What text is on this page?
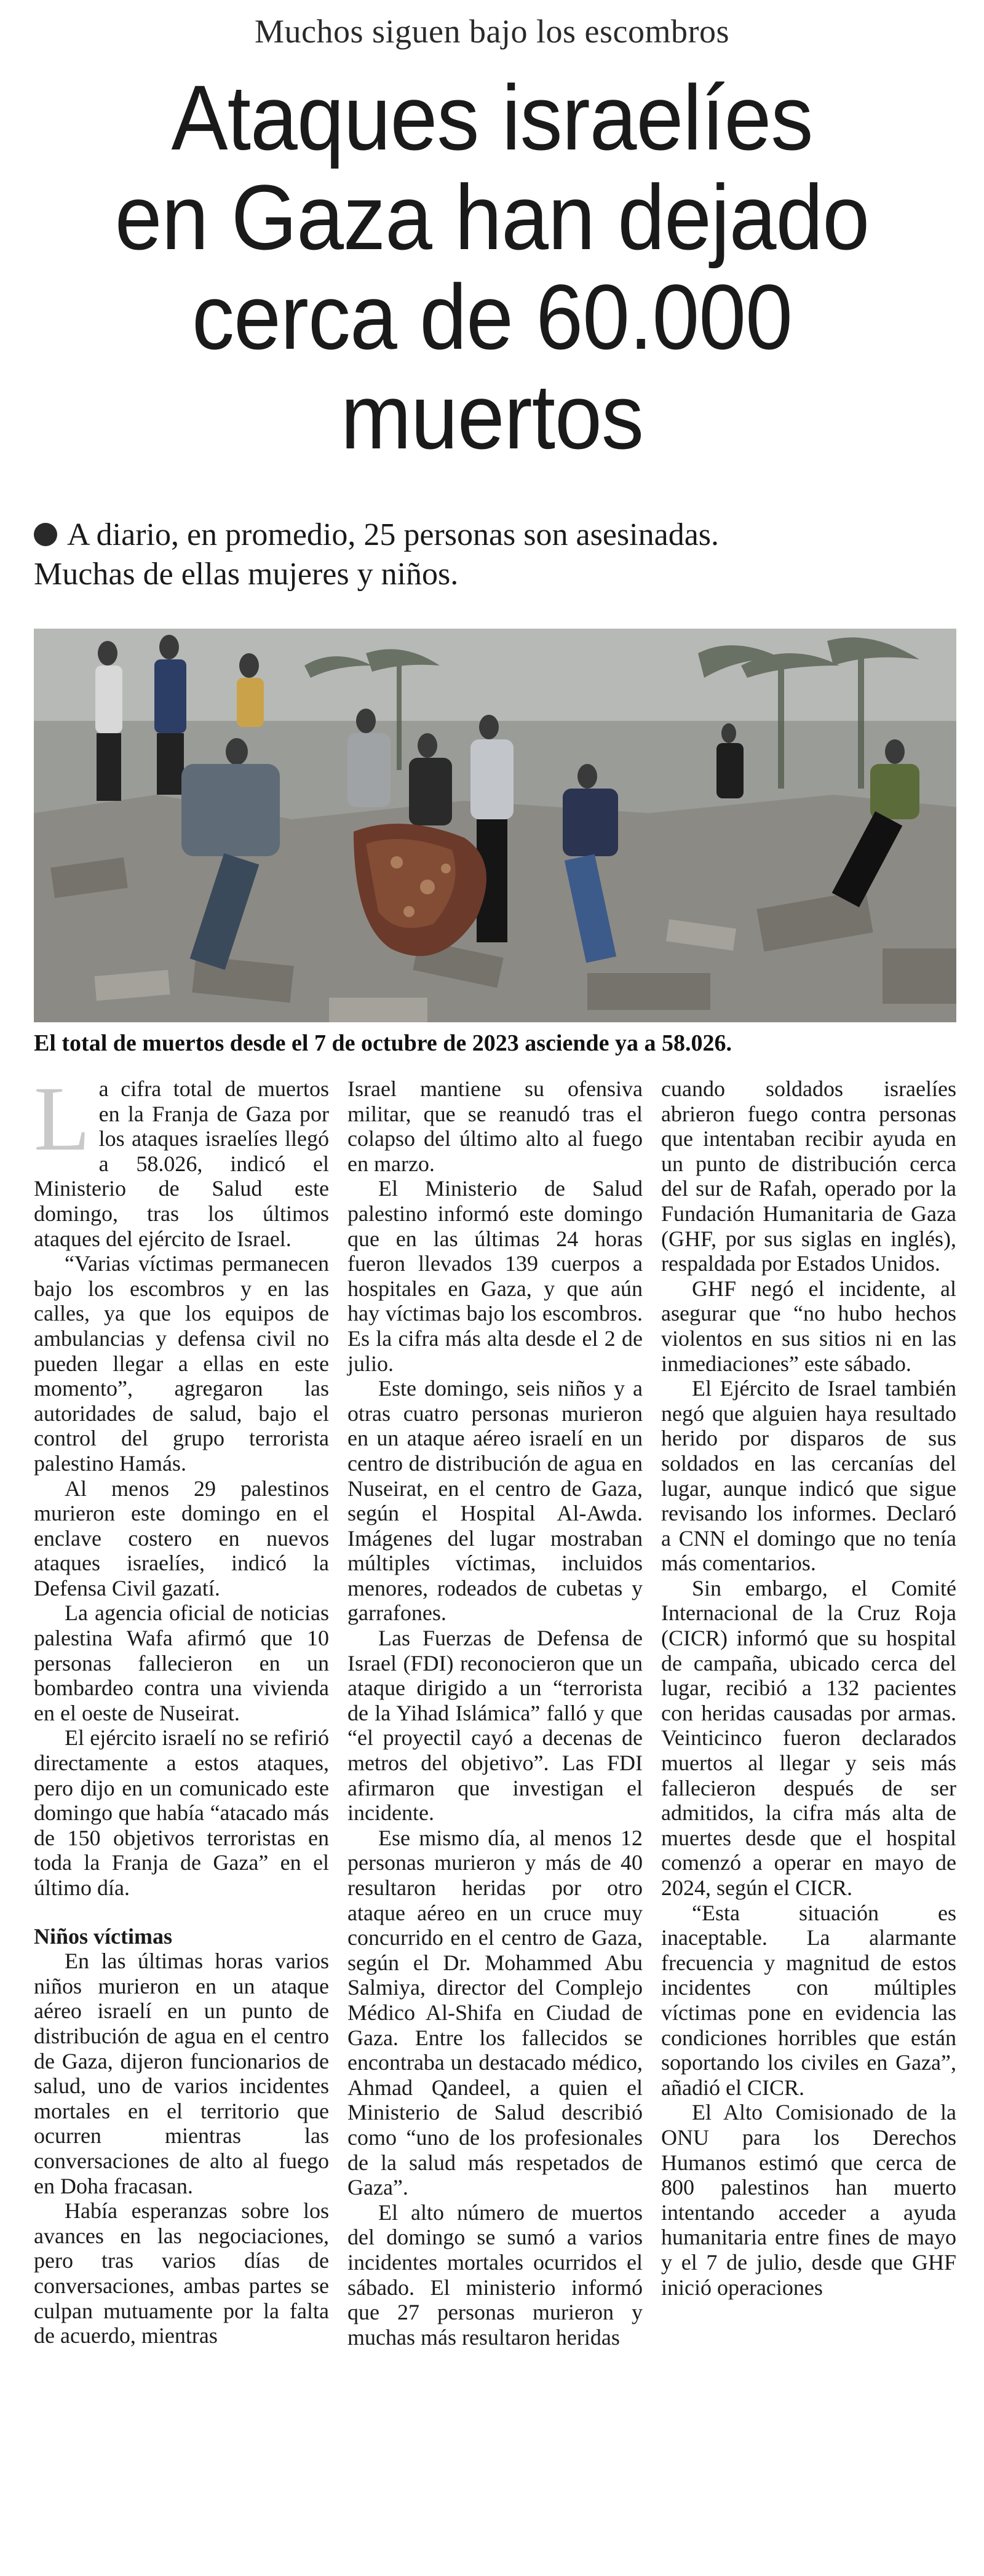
Muchos siguen bajo los escombros
Ataques israelíes
en Gaza han dejado
cerca de 60.000
muertos
A diario, en promedio, 25 personas son asesinadas.
Muchas de ellas mujeres y niños.
El total de muertos desde el 7 de octubre de 2023 asciende ya a 58.026.
L a cifra total de muertos en la Franja de Gaza por los ataques israelíes llegó a 58.026, indicó el Ministerio de Salud este domingo, tras los últimos ataques del ejército de Israel.

“Varias víctimas permanecen bajo los escombros y en las calles, ya que los equipos de ambulancias y defensa civil no pueden llegar a ellas en este momento”, agregaron las autoridades de salud, bajo el control del grupo terrorista palestino Hamás.

Al menos 29 palestinos murieron este domingo en el enclave costero en nuevos ataques israelíes, indicó la Defensa Civil gazatí.

La agencia oficial de noticias palestina Wafa afirmó que 10 personas fallecieron en un bombardeo contra una vivienda en el oeste de Nuseirat.

El ejército israelí no se refirió directamente a estos ataques, pero dijo en un comunicado este domingo que había “atacado más de 150 objetivos terroristas en toda la Franja de Gaza” en el último día.

Niños víctimas

En las últimas horas varios niños murieron en un ataque aéreo israelí en un punto de distribución de agua en el centro de Gaza, dijeron funcionarios de salud, uno de varios incidentes mortales en el territorio que ocurren mientras las conversaciones de alto al fuego en Doha fracasan.

Había esperanzas sobre los avances en las negociaciones, pero tras varios días de conversaciones, ambas partes se culpan mutuamente por la falta de acuerdo, mientras

Israel mantiene su ofensiva militar, que se reanudó tras el colapso del último alto al fuego en marzo.

El Ministerio de Salud palestino informó este domingo que en las últimas 24 horas fueron llevados 139 cuerpos a hospitales en Gaza, y que aún hay víctimas bajo los escombros. Es la cifra más alta desde el 2 de julio.

Este domingo, seis niños y a otras cuatro personas murieron en un ataque aéreo israelí en un centro de distribución de agua en Nuseirat, en el centro de Gaza, según el Hospital Al-Awda. Imágenes del lugar mostraban múltiples víctimas, incluidos menores, rodeados de cubetas y garrafones.

Las Fuerzas de Defensa de Israel (FDI) reconocieron que un ataque dirigido a un “terrorista de la Yihad Islámica” falló y que “el proyectil cayó a decenas de metros del objetivo”. Las FDI afirmaron que investigan el incidente.

Ese mismo día, al menos 12 personas murieron y más de 40 resultaron heridas por otro ataque aéreo en un cruce muy concurrido en el centro de Gaza, según el Dr. Mohammed Abu Salmiya, director del Complejo Médico Al-Shifa en Ciudad de Gaza. Entre los fallecidos se encontraba un destacado médico, Ahmad Qandeel, a quien el Ministerio de Salud describió como “uno de los profesionales de la salud más respetados de Gaza”.

El alto número de muertos del domingo se sumó a varios incidentes mortales ocurridos el sábado. El ministerio informó que 27 personas murieron y muchas más resultaron heridas

cuando soldados israelíes abrieron fuego contra personas que intentaban recibir ayuda en un punto de distribución cerca del sur de Rafah, operado por la Fundación Humanitaria de Gaza (GHF, por sus siglas en inglés), respaldada por Estados Unidos.

GHF negó el incidente, al asegurar que “no hubo hechos violentos en sus sitios ni en las inmediaciones” este sábado.

El Ejército de Israel también negó que alguien haya resultado herido por disparos de sus soldados en las cercanías del lugar, aunque indicó que sigue revisando los informes. Declaró a CNN el domingo que no tenía más comentarios.

Sin embargo, el Comité Internacional de la Cruz Roja (CICR) informó que su hospital de campaña, ubicado cerca del lugar, recibió a 132 pacientes con heridas causadas por armas. Veinticinco fueron declarados muertos al llegar y seis más fallecieron después de ser admitidos, la cifra más alta de muertes desde que el hospital comenzó a operar en mayo de 2024, según el CICR.

“Esta situación es inaceptable. La alarmante frecuencia y magnitud de estos incidentes con múltiples víctimas pone en evidencia las condiciones horribles que están soportando los civiles en Gaza”, añadió el CICR.

El Alto Comisionado de la ONU para los Derechos Humanos estimó que cerca de 800 palestinos han muerto intentando acceder a ayuda humanitaria entre fines de mayo y el 7 de julio, desde que GHF inició operaciones
